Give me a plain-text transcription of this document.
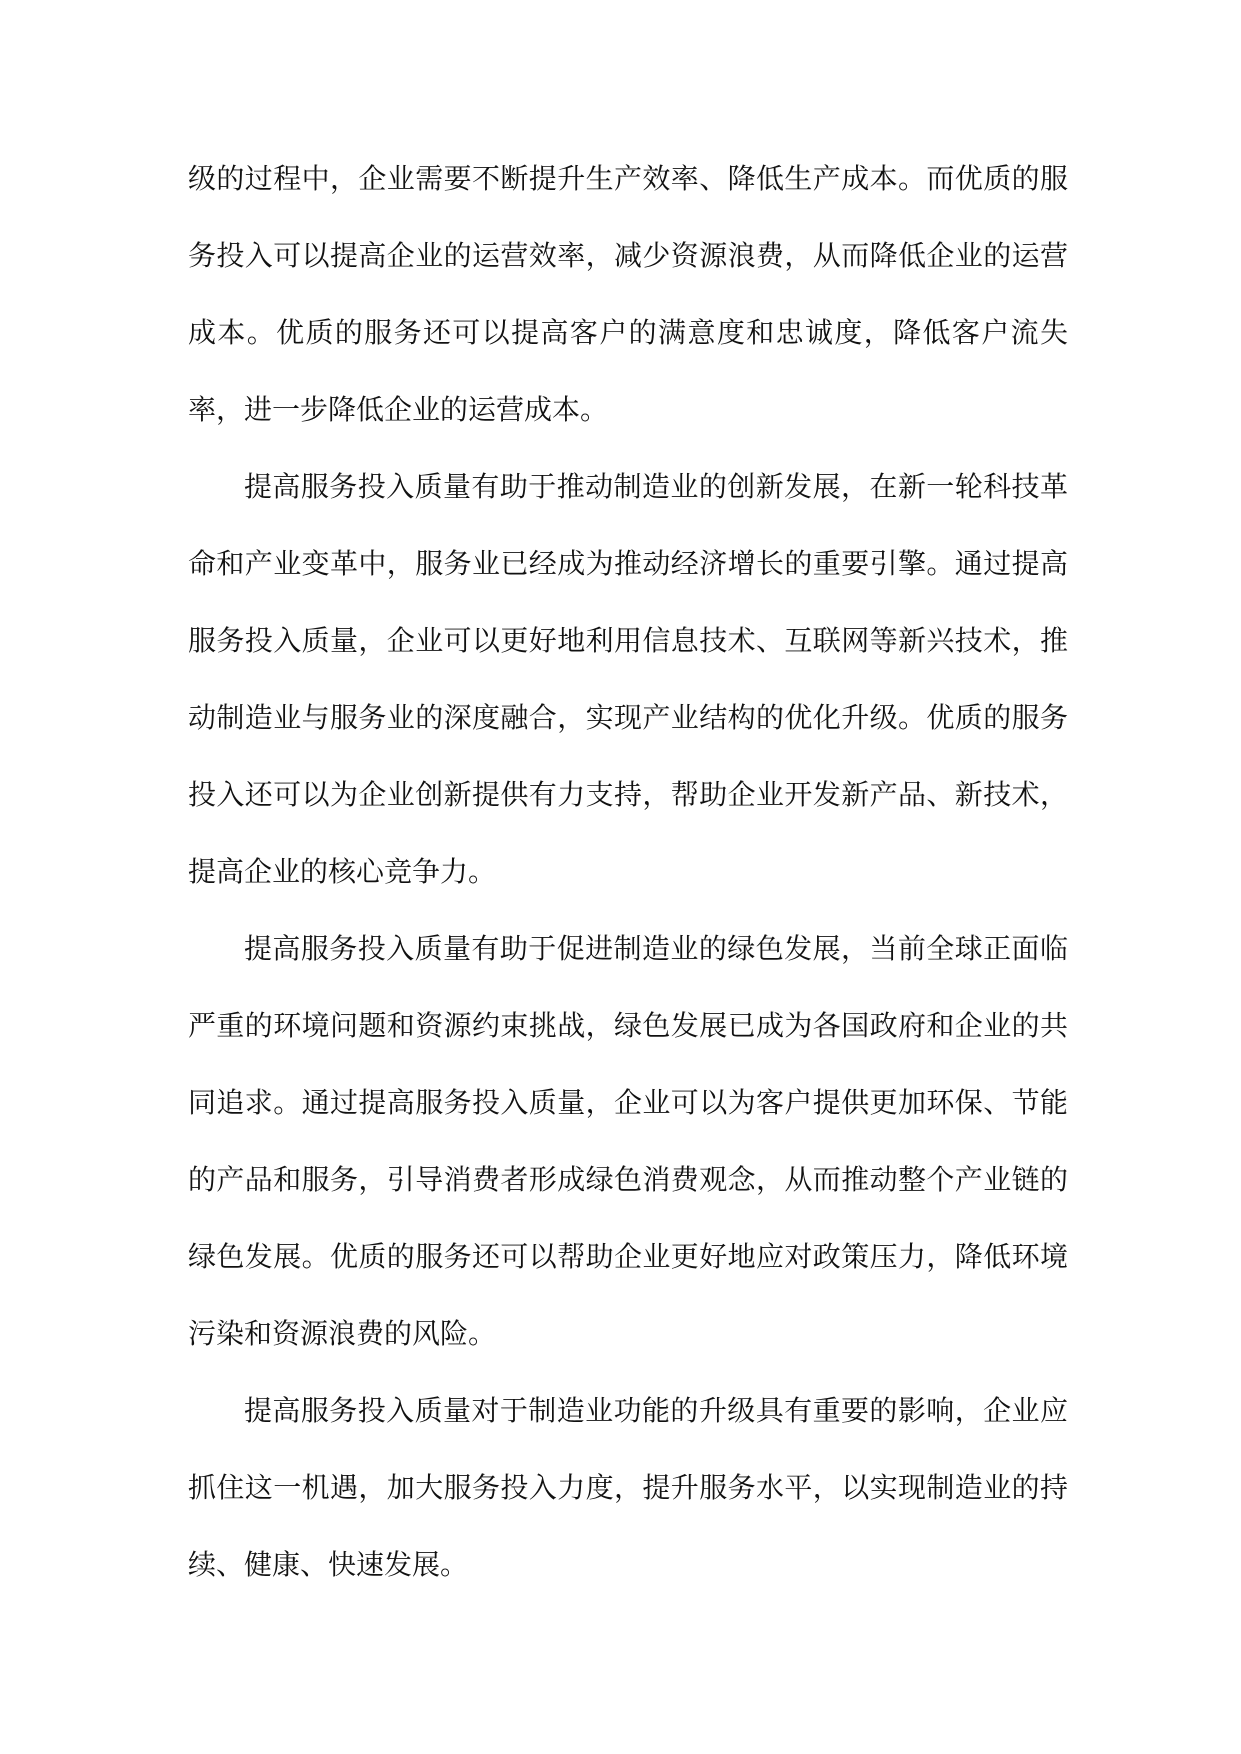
级的过程中，企业需要不断提升生产效率、降低生产成本。而优质的服务投入可以提高企业的运营效率，减少资源浪费，从而降低企业的运营成本。优质的服务还可以提高客户的满意度和忠诚度，降低客户流失率，进一步降低企业的运营成本。

提高服务投入质量有助于推动制造业的创新发展，在新一轮科技革命和产业变革中，服务业已经成为推动经济增长的重要引擎。通过提高服务投入质量，企业可以更好地利用信息技术、互联网等新兴技术，推动制造业与服务业的深度融合，实现产业结构的优化升级。优质的服务投入还可以为企业创新提供有力支持，帮助企业开发新产品、新技术，提高企业的核心竞争力。

提高服务投入质量有助于促进制造业的绿色发展，当前全球正面临严重的环境问题和资源约束挑战，绿色发展已成为各国政府和企业的共同追求。通过提高服务投入质量，企业可以为客户提供更加环保、节能的产品和服务，引导消费者形成绿色消费观念，从而推动整个产业链的绿色发展。优质的服务还可以帮助企业更好地应对政策压力，降低环境污染和资源浪费的风险。

提高服务投入质量对于制造业功能的升级具有重要的影响，企业应抓住这一机遇，加大服务投入力度，提升服务水平，以实现制造业的持续、健康、快速发展。
